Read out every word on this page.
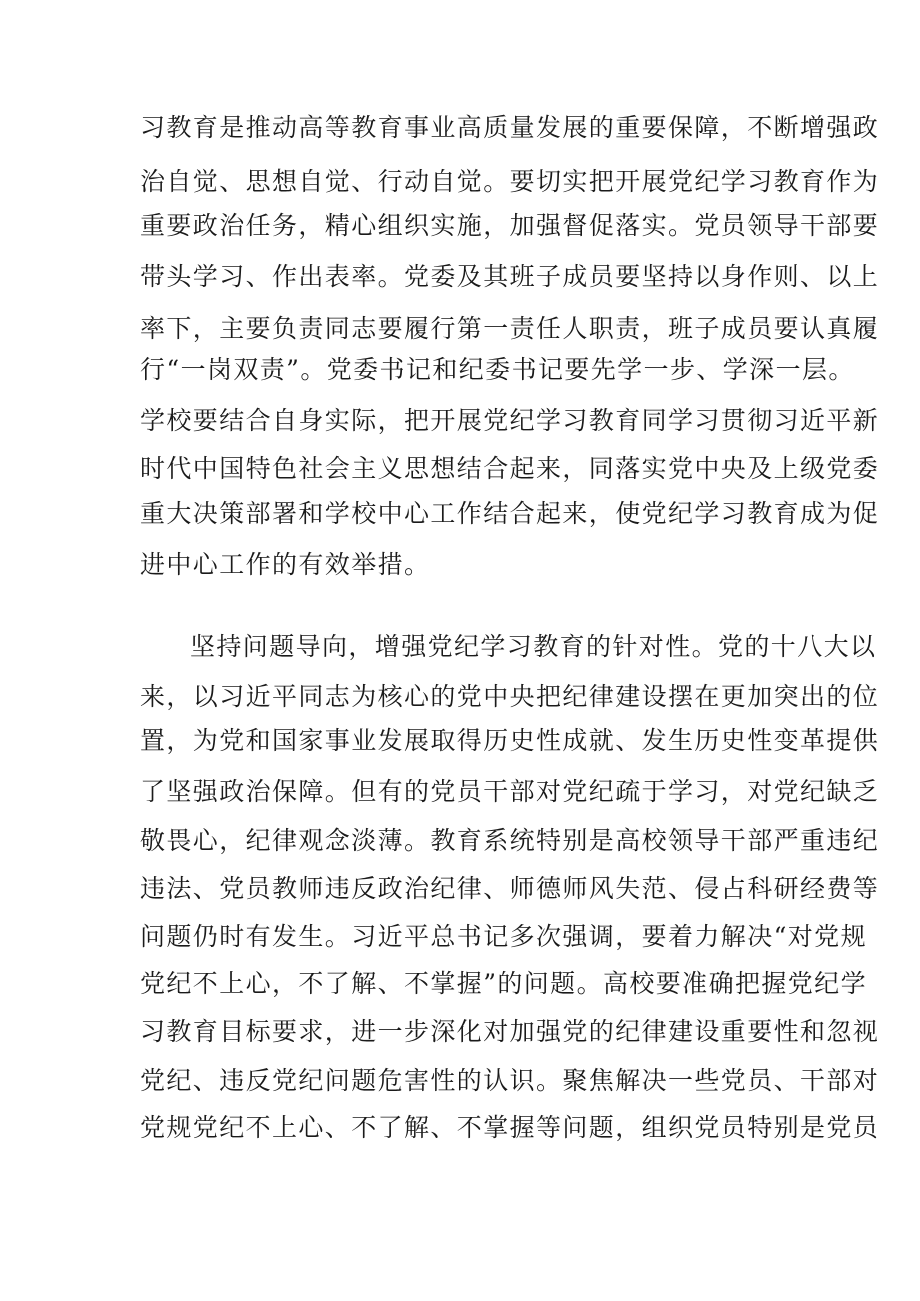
习教育是推动高等教育事业高质量发展的重要保障，不断增强政
治自觉、思想自觉、行动自觉。要切实把开展党纪学习教育作为
重要政治任务，精心组织实施，加强督促落实。党员领导干部要
带头学习、作出表率。党委及其班子成员要坚持以身作则、以上
率下，主要负责同志要履行第一责任人职责，班子成员要认真履
行“一岗双责”。党委书记和纪委书记要先学一步、学深一层。
学校要结合自身实际，把开展党纪学习教育同学习贯彻习近平新
时代中国特色社会主义思想结合起来，同落实党中央及上级党委
重大决策部署和学校中心工作结合起来，使党纪学习教育成为促
进中心工作的有效举措。
坚持问题导向，增强党纪学习教育的针对性。党的十八大以
来，以习近平同志为核心的党中央把纪律建设摆在更加突出的位
置，为党和国家事业发展取得历史性成就、发生历史性变革提供
了坚强政治保障。但有的党员干部对党纪疏于学习，对党纪缺乏
敬畏心，纪律观念淡薄。教育系统特别是高校领导干部严重违纪
违法、党员教师违反政治纪律、师德师风失范、侵占科研经费等
问题仍时有发生。习近平总书记多次强调，要着力解决“对党规
党纪不上心，不了解、不掌握”的问题。高校要准确把握党纪学
习教育目标要求，进一步深化对加强党的纪律建设重要性和忽视
党纪、违反党纪问题危害性的认识。聚焦解决一些党员、干部对
党规党纪不上心、不了解、不掌握等问题，组织党员特别是党员
